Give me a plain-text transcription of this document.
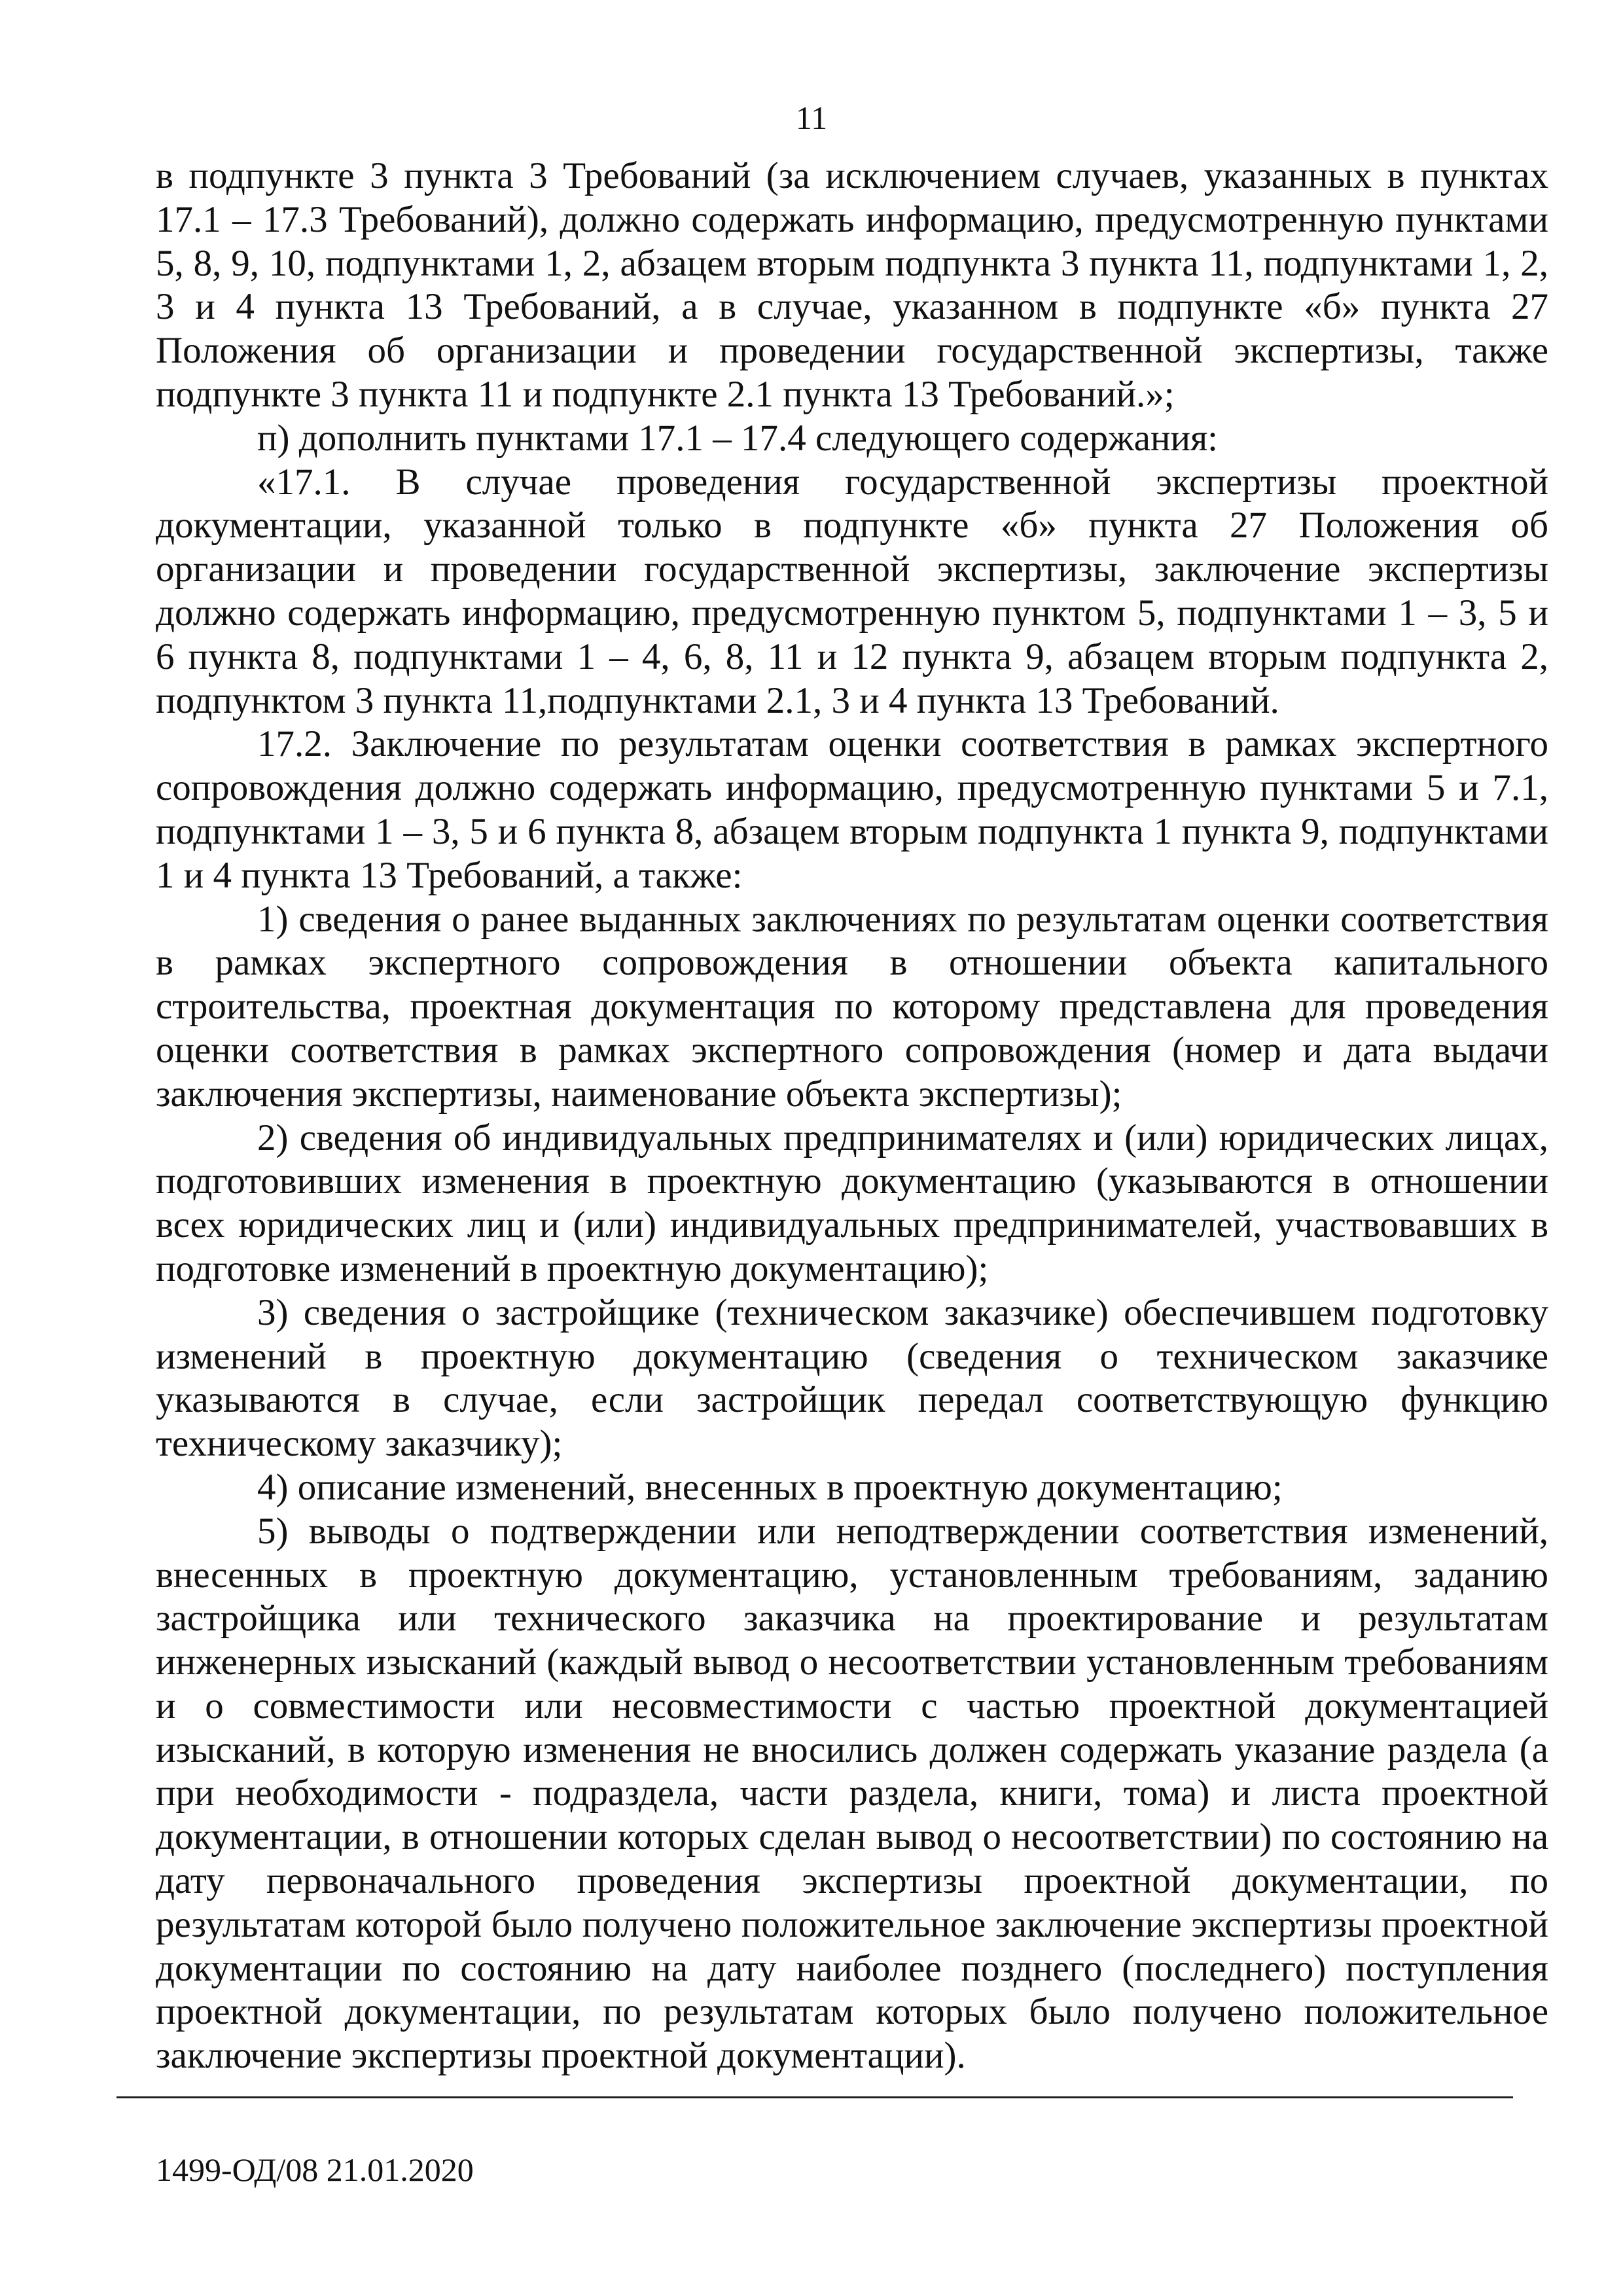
11

в подпункте 3 пункта 3 Требований (за исключением случаев, указанных в пунктах 17.1 – 17.3 Требований), должно содержать информацию, предусмотренную пунктами 5, 8, 9, 10, подпунктами 1, 2, абзацем вторым подпункта 3 пункта 11, подпунктами 1, 2, 3 и 4 пункта 13 Требований, а в случае, указанном в подпункте «б» пункта 27 Положения об организации и проведении государственной экспертизы, также подпункте 3 пункта 11 и подпункте 2.1 пункта 13 Требований.»;

п) дополнить пунктами 17.1 – 17.4 следующего содержания:

«17.1. В случае проведения государственной экспертизы проектной документации, указанной только в подпункте «б» пункта 27 Положения об организации и проведении государственной экспертизы, заключение экспертизы должно содержать информацию, предусмотренную пунктом 5, подпунктами 1 – 3, 5 и 6 пункта 8, подпунктами 1 – 4, 6, 8, 11 и 12 пункта 9, абзацем вторым подпункта 2, подпунктом 3 пункта 11,подпунктами 2.1, 3 и 4 пункта 13 Требований.

17.2. Заключение по результатам оценки соответствия в рамках экспертного сопровождения должно содержать информацию, предусмотренную пунктами 5 и 7.1, подпунктами 1 – 3, 5 и 6 пункта 8, абзацем вторым подпункта 1 пункта 9, подпунктами 1 и 4 пункта 13 Требований, а также:

1) сведения о ранее выданных заключениях по результатам оценки соответствия в рамках экспертного сопровождения в отношении объекта капитального строительства, проектная документация по которому представлена для проведения оценки соответствия в рамках экспертного сопровождения (номер и дата выдачи заключения экспертизы, наименование объекта экспертизы);

2) сведения об индивидуальных предпринимателях и (или) юридических лицах, подготовивших изменения в проектную документацию (указываются в отношении всех юридических лиц и (или) индивидуальных предпринимателей, участвовавших в подготовке изменений в проектную документацию);

3) сведения о застройщике (техническом заказчике) обеспечившем подготовку изменений в проектную документацию (сведения о техническом заказчике указываются в случае, если застройщик передал соответствующую функцию техническому заказчику);

4) описание изменений, внесенных в проектную документацию;

5) выводы о подтверждении или неподтверждении соответствия изменений, внесенных в проектную документацию, установленным требованиям, заданию застройщика или технического заказчика на проектирование и результатам инженерных изысканий (каждый вывод о несоответствии установленным требованиям и о совместимости или несовместимости с частью проектной документацией изысканий, в которую изменения не вносились должен содержать указание раздела (а при необходимости - подраздела, части раздела, книги, тома) и листа проектной документации, в отношении которых сделан вывод о несоответствии) по состоянию на дату первоначального проведения экспертизы проектной документации, по результатам которой было получено положительное заключение экспертизы проектной документации по состоянию на дату наиболее позднего (последнего) поступления проектной документации, по результатам которых было получено положительное заключение экспертизы проектной документации).

1499-ОД/08 21.01.2020
